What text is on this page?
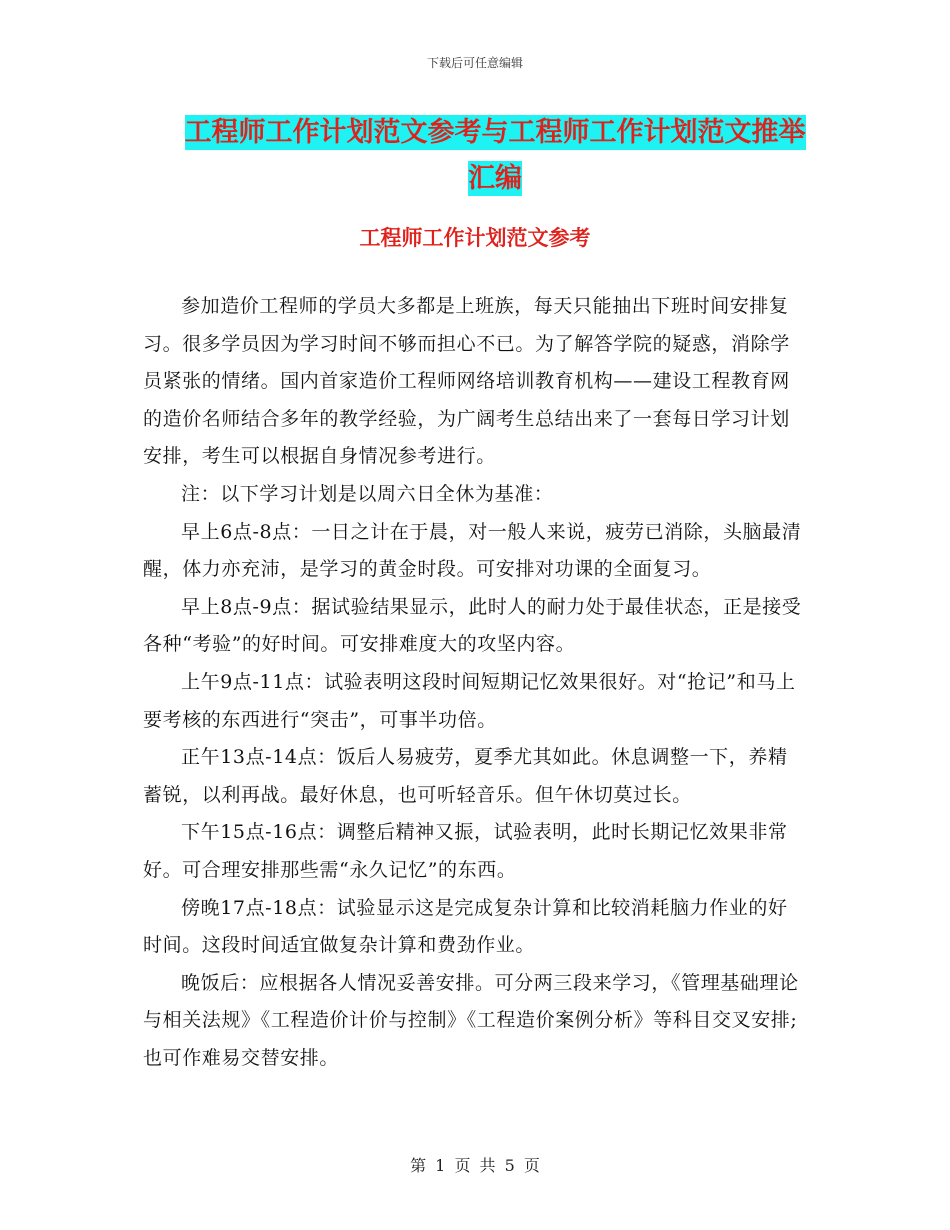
下载后可任意编辑
工程师工作计划范文参考与工程师工作计划范文推举
汇编
工程师工作计划范文参考

参加造价工程师的学员大多都是上班族，每天只能抽出下班时间安排复习。很多学员因为学习时间不够而担心不已。为了解答学院的疑惑，消除学员紧张的情绪。国内首家造价工程师网络培训教育机构——建设工程教育网的造价名师结合多年的教学经验，为广阔考生总结出来了一套每日学习计划安排，考生可以根据自身情况参考进行。

注：以下学习计划是以周六日全休为基准：

早上6点-8点：一日之计在于晨，对一般人来说，疲劳已消除，头脑最清醒，体力亦充沛，是学习的黄金时段。可安排对功课的全面复习。

早上8点-9点：据试验结果显示，此时人的耐力处于最佳状态，正是接受各种“考验”的好时间。可安排难度大的攻坚内容。

上午9点-11点：试验表明这段时间短期记忆效果很好。对“抢记”和马上要考核的东西进行“突击”，可事半功倍。

正午13点-14点：饭后人易疲劳，夏季尤其如此。休息调整一下，养精蓄锐，以利再战。最好休息，也可听轻音乐。但午休切莫过长。

下午15点-16点：调整后精神又振，试验表明，此时长期记忆效果非常好。可合理安排那些需“永久记忆”的东西。

傍晚17点-18点：试验显示这是完成复杂计算和比较消耗脑力作业的好时间。这段时间适宜做复杂计算和费劲作业。

晚饭后：应根据各人情况妥善安排。可分两三段来学习，《管理基础理论与相关法规》《工程造价计价与控制》《工程造价案例分析》等科目交叉安排;也可作难易交替安排。

第 1 页 共 5 页
